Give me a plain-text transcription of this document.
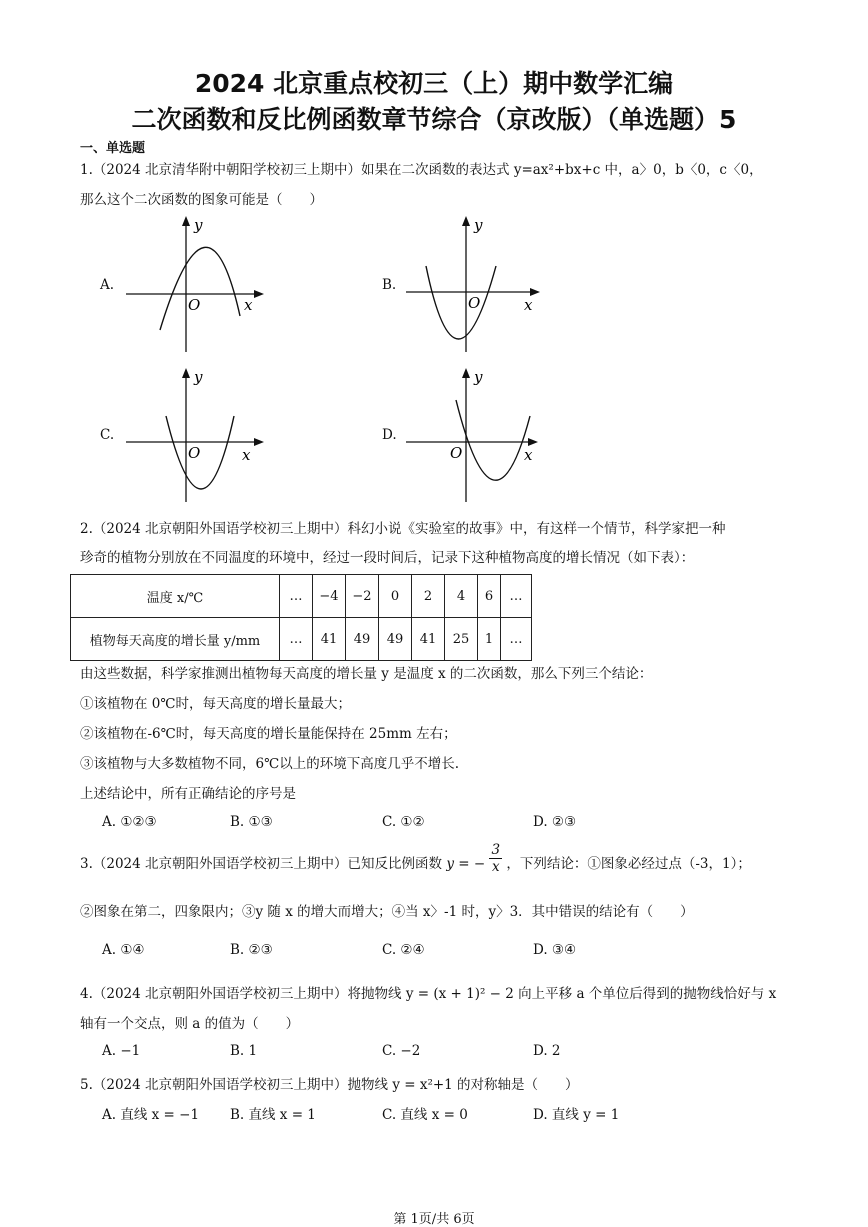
2024 北京重点校初三（上）期中数学汇编
二次函数和反比例函数章节综合（京改版）（单选题）5
一、单选题
1.（2024 北京清华附中朝阳学校初三上期中）如果在二次函数的表达式 y=ax²+bx+c 中，a〉0，b〈0，c〈0，
那么这个二次函数的图象可能是（　　）
A.
y
O	x
B.
y
O	x
C.
y
O	x
D.
y
O	x
2.（2024 北京朝阳外国语学校初三上期中）科幻小说《实验室的故事》中，有这样一个情节，科学家把一种
珍奇的植物分别放在不同温度的环境中，经过一段时间后，记录下这种植物高度的增长情况（如下表）：
温度 x/℃	…	−4	−2	0	2	4	6	…
植物每天高度的增长量 y/mm	…	41	49	49	41	25	1	…
由这些数据，科学家推测出植物每天高度的增长量 y 是温度 x 的二次函数，那么下列三个结论：
①该植物在 0℃时，每天高度的增长量最大；
②该植物在-6℃时，每天高度的增长量能保持在 25mm 左右；
③该植物与大多数植物不同，6℃以上的环境下高度几乎不增长.
上述结论中，所有正确结论的序号是
A. ①②③	B. ①③	C. ①②	D. ②③
3.（2024 北京朝阳外国语学校初三上期中）已知反比例函数 y = − $\frac{3}{x}$ ，下列结论：①图象必经过点（-3，1）；
②图象在第二，四象限内；③y 随 x 的增大而增大；④当 x〉-1 时，y〉3．其中错误的结论有（　　）
A. ①④	B. ②③	C. ②④	D. ③④
4.（2024 北京朝阳外国语学校初三上期中）将抛物线 y = (x + 1)² − 2 向上平移 a 个单位后得到的抛物线恰好与 x
轴有一个交点，则 a 的值为（　　）
A. −1	B. 1	C. −2	D. 2
5.（2024 北京朝阳外国语学校初三上期中）抛物线 y = x²+1 的对称轴是（　　）
A. 直线 x = −1 B. 直线 x = 1	C. 直线 x = 0	D. 直线 y = 1
第 1页/共 6页
